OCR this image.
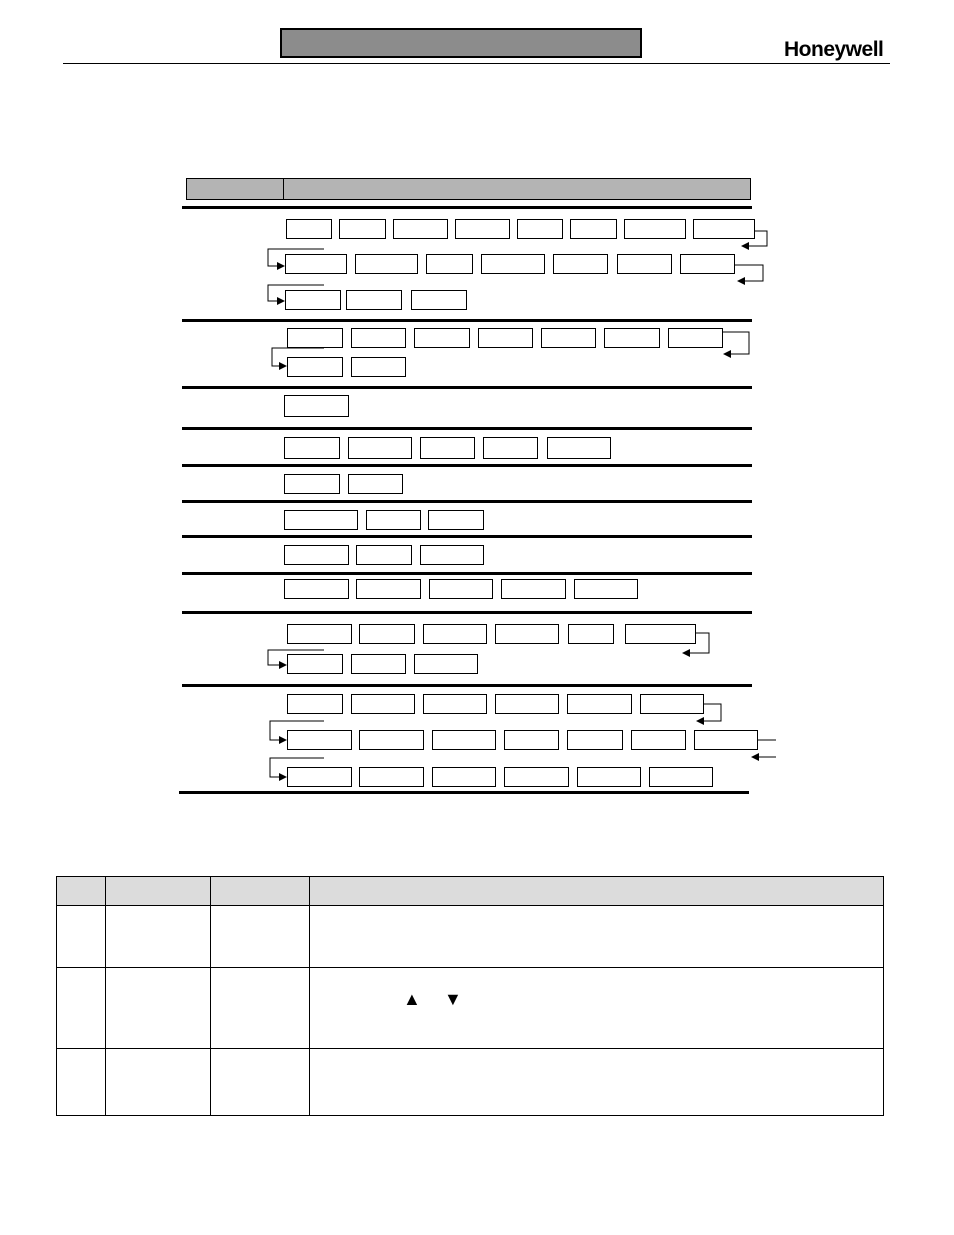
Honeywell

			▲ ▼
